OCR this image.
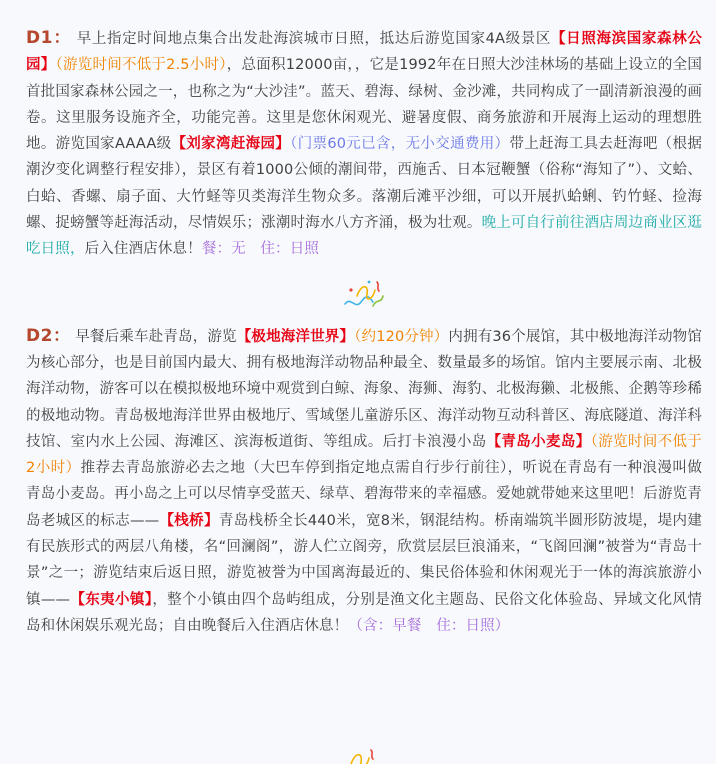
D1： 早上指定时间地点集合出发赴海滨城市日照，抵达后游览国家4A级景区【日照海滨国家森林公园】（游览时间不低于2.5小时），总面积12000亩，，它是1992年在日照大沙洼林场的基础上设立的全国首批国家森林公园之一，也称之为“大沙洼”。蓝天、碧海、绿树、金沙滩，共同构成了一副清新浪漫的画卷。这里服务设施齐全，功能完善。这里是您休闲观光、避暑度假、商务旅游和开展海上运动的理想胜地。游览国家AAAA级【刘家湾赶海园】（门票60元已含，无小交通费用）带上赶海工具去赶海吧（根据潮汐变化调整行程安排），景区有着1000公倾的潮间带，西施舌、日本冠鞭蟹（俗称“海知了”）、文蛤、白蛤、香螺、扇子面、大竹蛏等贝类海洋生物众多。落潮后滩平沙细，可以开展扒蛤蜊、钓竹蛏、捡海螺、捉螃蟹等赶海活动，尽情娱乐；涨潮时海水八方齐涌，极为壮观。晚上可自行前往酒店周边商业区逛吃日照，后入住酒店休息！餐：无　住：日照

D2： 早餐后乘车赴青岛，游览【极地海洋世界】（约120分钟）内拥有36个展馆，其中极地海洋动物馆为核心部分，也是目前国内最大、拥有极地海洋动物品种最全、数量最多的场馆。馆内主要展示南、北极海洋动物，游客可以在模拟极地环境中观赏到白鲸、海象、海狮、海豹、北极海獭、北极熊、企鹅等珍稀的极地动物。青岛极地海洋世界由极地厅、雪域堡儿童游乐区、海洋动物互动科普区、海底隧道、海洋科技馆、室内水上公园、海滩区、滨海板道街、等组成。后打卡浪漫小岛【青岛小麦岛】（游览时间不低于2小时）推荐去青岛旅游必去之地（大巴车停到指定地点需自行步行前往），听说在青岛有一种浪漫叫做青岛小麦岛。再小岛之上可以尽情享受蓝天、绿草、碧海带来的幸福感。爱她就带她来这里吧！后游览青岛老城区的标志——【栈桥】青岛栈桥全长440米，宽8米，钢混结构。桥南端筑半圆形防波堤，堤内建有民族形式的两层八角楼，名“回澜阁”，游人伫立阁旁，欣赏层层巨浪涌来，“飞阁回澜”被誉为“青岛十景”之一；游览结束后返日照，游览被誉为中国离海最近的、集民俗体验和休闲观光于一体的海滨旅游小镇——【东夷小镇】，整个小镇由四个岛屿组成，分别是渔文化主题岛、民俗文化体验岛、异域文化风情岛和休闲娱乐观光岛；自由晚餐后入住酒店休息！（含：早餐　住：日照）
